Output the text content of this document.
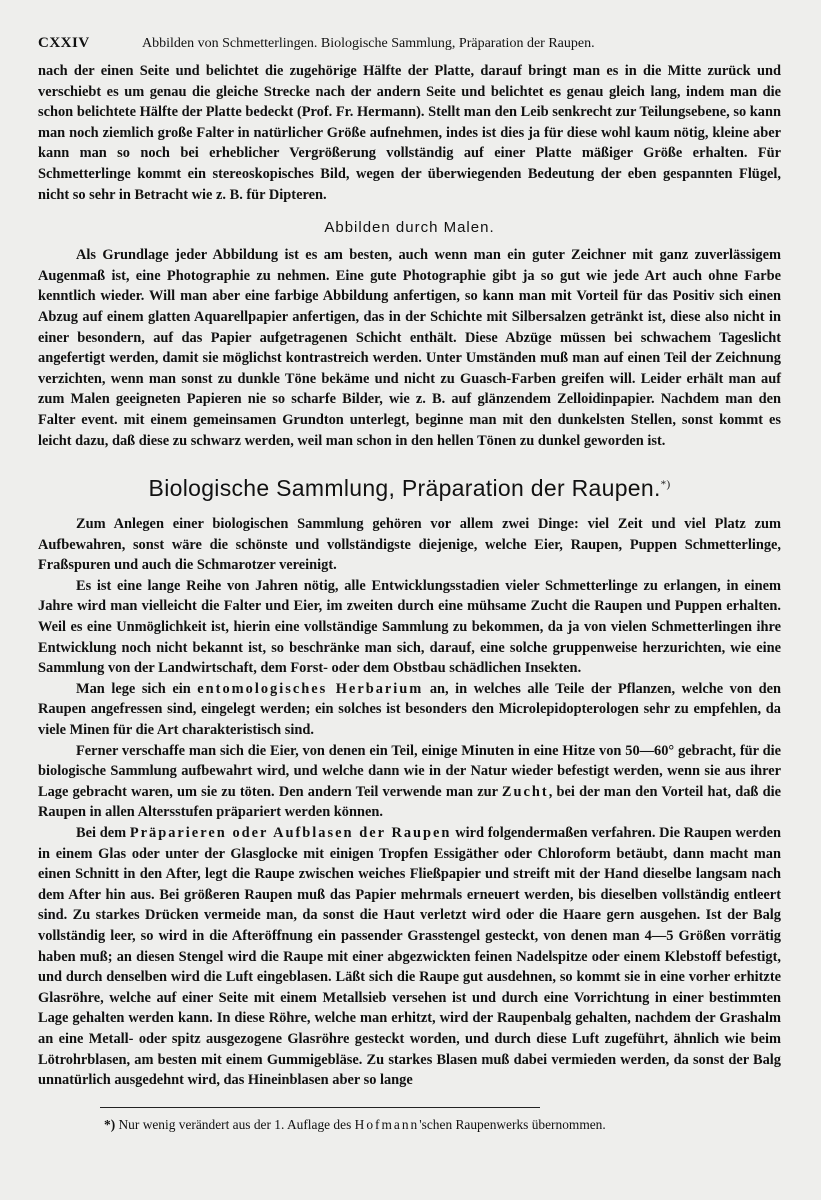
CXXIV	Abbilden von Schmetterlingen. Biologische Sammlung, Präparation der Raupen.

nach der einen Seite und belichtet die zugehörige Hälfte der Platte, darauf bringt man es in die Mitte zurück und verschiebt es um genau die gleiche Strecke nach der andern Seite und belichtet es genau gleich lang, indem man die schon belichtete Hälfte der Platte bedeckt (Prof. Fr. Hermann). Stellt man den Leib senkrecht zur Teilungsebene, so kann man noch ziemlich große Falter in natürlicher Größe aufnehmen, indes ist dies ja für diese wohl kaum nötig, kleine aber kann man so noch bei erheblicher Vergrößerung vollständig auf einer Platte mäßiger Größe erhalten. Für Schmetterlinge kommt ein stereoskopisches Bild, wegen der überwiegenden Bedeutung der eben gespannten Flügel, nicht so sehr in Betracht wie z. B. für Dipteren.

Abbilden durch Malen.

Als Grundlage jeder Abbildung ist es am besten, auch wenn man ein guter Zeichner mit ganz zuverlässigem Augenmaß ist, eine Photographie zu nehmen. Eine gute Photographie gibt ja so gut wie jede Art auch ohne Farbe kenntlich wieder. Will man aber eine farbige Abbildung anfertigen, so kann man mit Vorteil für das Positiv sich einen Abzug auf einem glatten Aquarellpapier anfertigen, das in der Schichte mit Silbersalzen getränkt ist, diese also nicht in einer besondern, auf das Papier aufgetragenen Schicht enthält. Diese Abzüge müssen bei schwachem Tageslicht angefertigt werden, damit sie möglichst kontrastreich werden. Unter Umständen muß man auf einen Teil der Zeichnung verzichten, wenn man sonst zu dunkle Töne bekäme und nicht zu Guasch-Farben greifen will. Leider erhält man auf zum Malen geeigneten Papieren nie so scharfe Bilder, wie z. B. auf glänzendem Zelloidinpapier. Nachdem man den Falter event. mit einem gemeinsamen Grundton unterlegt, beginne man mit den dunkelsten Stellen, sonst kommt es leicht dazu, daß diese zu schwarz werden, weil man schon in den hellen Tönen zu dunkel geworden ist.

Biologische Sammlung, Präparation der Raupen.*)

Zum Anlegen einer biologischen Sammlung gehören vor allem zwei Dinge: viel Zeit und viel Platz zum Aufbewahren, sonst wäre die schönste und vollständigste diejenige, welche Eier, Raupen, Puppen Schmetterlinge, Fraßspuren und auch die Schmarotzer vereinigt.

Es ist eine lange Reihe von Jahren nötig, alle Entwicklungsstadien vieler Schmetterlinge zu erlangen, in einem Jahre wird man vielleicht die Falter und Eier, im zweiten durch eine mühsame Zucht die Raupen und Puppen erhalten. Weil es eine Unmöglichkeit ist, hierin eine vollständige Sammlung zu bekommen, da ja von vielen Schmetterlingen ihre Entwicklung noch nicht bekannt ist, so beschränke man sich, darauf, eine solche gruppenweise herzurichten, wie eine Sammlung von der Landwirtschaft, dem Forst- oder dem Obstbau schädlichen Insekten.

Man lege sich ein entomologisches Herbarium an, in welches alle Teile der Pflanzen, welche von den Raupen angefressen sind, eingelegt werden; ein solches ist besonders den Microlepidopterologen sehr zu empfehlen, da viele Minen für die Art charakteristisch sind.

Ferner verschaffe man sich die Eier, von denen ein Teil, einige Minuten in eine Hitze von 50—60° gebracht, für die biologische Sammlung aufbewahrt wird, und welche dann wie in der Natur wieder befestigt werden, wenn sie aus ihrer Lage gebracht waren, um sie zu töten. Den andern Teil verwende man zur Zucht, bei der man den Vorteil hat, daß die Raupen in allen Altersstufen präpariert werden können.

Bei dem Präparieren oder Aufblasen der Raupen wird folgendermaßen verfahren. Die Raupen werden in einem Glas oder unter der Glasglocke mit einigen Tropfen Essigäther oder Chloroform betäubt, dann macht man einen Schnitt in den After, legt die Raupe zwischen weiches Fließpapier und streift mit der Hand dieselbe langsam nach dem After hin aus. Bei größeren Raupen muß das Papier mehrmals erneuert werden, bis dieselben vollständig entleert sind. Zu starkes Drücken vermeide man, da sonst die Haut verletzt wird oder die Haare gern ausgehen. Ist der Balg vollständig leer, so wird in die Afteröffnung ein passender Grasstengel gesteckt, von denen man 4—5 Größen vorrätig haben muß; an diesen Stengel wird die Raupe mit einer abgezwickten feinen Nadelspitze oder einem Klebstoff befestigt, und durch denselben wird die Luft eingeblasen. Läßt sich die Raupe gut ausdehnen, so kommt sie in eine vorher erhitzte Glasröhre, welche auf einer Seite mit einem Metallsieb versehen ist und durch eine Vorrichtung in einer bestimmten Lage gehalten werden kann. In diese Röhre, welche man erhitzt, wird der Raupenbalg gehalten, nachdem der Grashalm an eine Metall- oder spitz ausgezogene Glasröhre gesteckt worden, und durch diese Luft zugeführt, ähnlich wie beim Lötrohrblasen, am besten mit einem Gummigebläse. Zu starkes Blasen muß dabei vermieden werden, da sonst der Balg unnatürlich ausgedehnt wird, das Hineinblasen aber so lange

*) Nur wenig verändert aus der 1. Auflage des Hofmann'schen Raupenwerks übernommen.
